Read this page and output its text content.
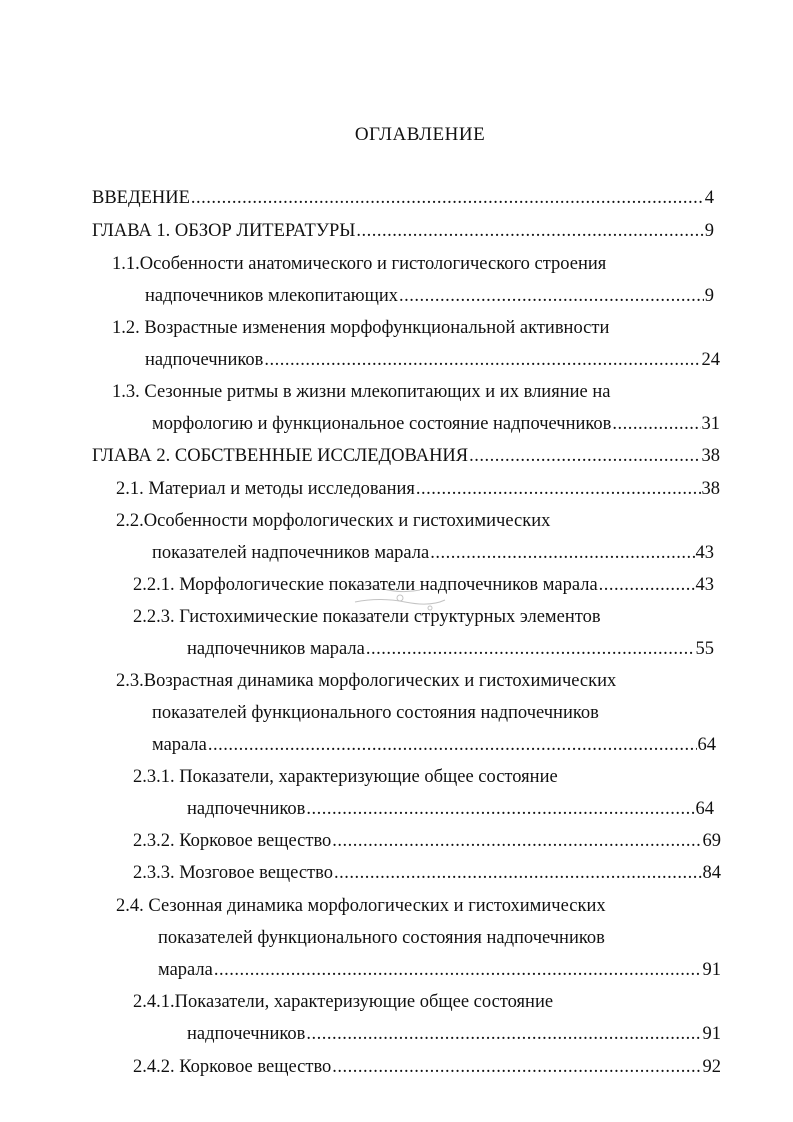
ОГЛАВЛЕНИЕ
ВВЕДЕНИЕ .....	4
ГЛАВА 1. ОБЗОР ЛИТЕРАТУРЫ .....	9
1.1.Особенности анатомического и гистологического строения
надпочечников млекопитающих .....	9
1.2. Возрастные изменения морфофункциональной активности
надпочечников .....	24
1.3. Сезонные ритмы в жизни млекопитающих и их влияние на
морфологию и функциональное состояние надпочечников .....	31
ГЛАВА 2. СОБСТВЕННЫЕ ИССЛЕДОВАНИЯ .....	38
2.1. Материал и методы исследования .....	38
2.2.Особенности морфологических и гистохимических
показателей надпочечников марала .....	43
2.2.1. Морфологические показатели надпочечников марала .....	43
2.2.3. Гистохимические показатели структурных элементов
надпочечников марала .....	55
2.3.Возрастная динамика морфологических и гистохимических
показателей функционального состояния надпочечников
марала .....	64
2.3.1. Показатели, характеризующие общее состояние
надпочечников .....	64
2.3.2. Корковое вещество .....	69
2.3.3. Мозговое вещество .....	84
2.4. Сезонная динамика морфологических и гистохимических
показателей функционального состояния надпочечников
марала .....	91
2.4.1.Показатели, характеризующие общее состояние
надпочечников .....	91
2.4.2. Корковое вещество .....	92
